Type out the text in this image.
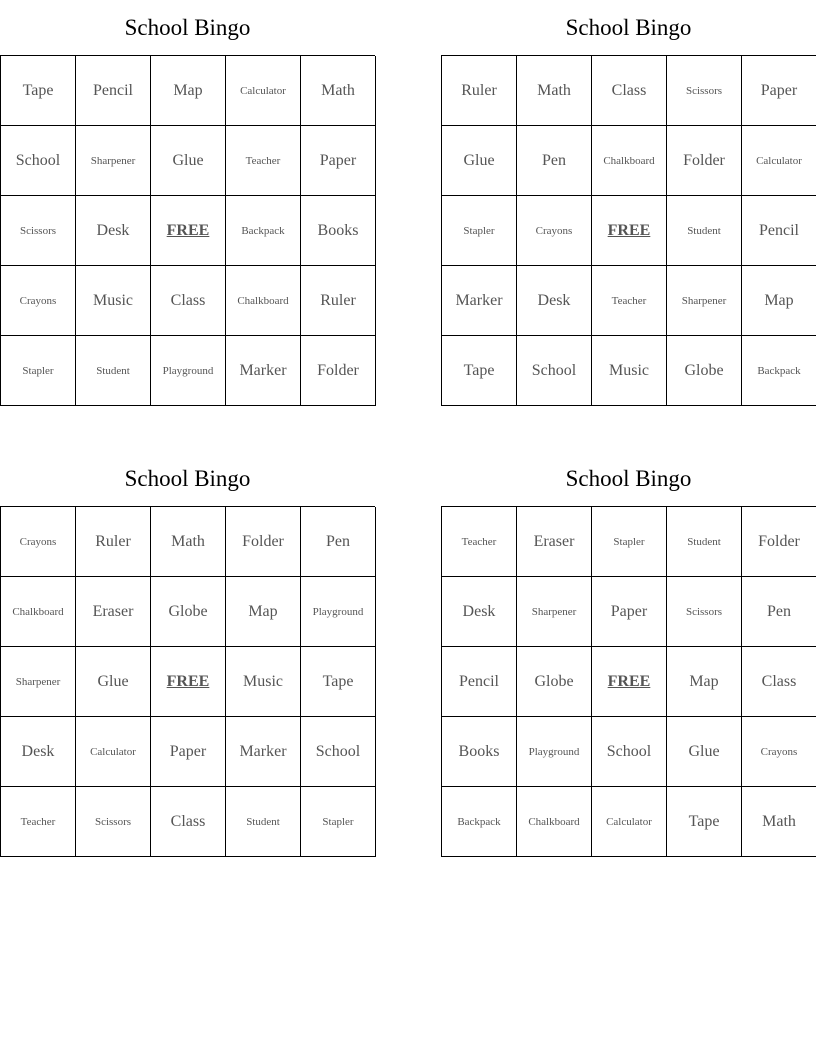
School Bingo
Tape	Pencil	Map	Calculator	Math
School	Sharpener	Glue	Teacher	Paper
Scissors	Desk	FREE	Backpack	Books
Crayons	Music	Class	Chalkboard	Ruler
Stapler	Student	Playground	Marker	Folder
School Bingo
Ruler	Math	Class	Scissors	Paper
Glue	Pen	Chalkboard	Folder	Calculator
Stapler	Crayons	FREE	Student	Pencil
Marker	Desk	Teacher	Sharpener	Map
Tape	School	Music	Globe	Backpack
School Bingo
Crayons	Ruler	Math	Folder	Pen
Chalkboard	Eraser	Globe	Map	Playground
Sharpener	Glue	FREE	Music	Tape
Desk	Calculator	Paper	Marker	School
Teacher	Scissors	Class	Student	Stapler
School Bingo
Teacher	Eraser	Stapler	Student	Folder
Desk	Sharpener	Paper	Scissors	Pen
Pencil	Globe	FREE	Map	Class
Books	Playground	School	Glue	Crayons
Backpack	Chalkboard	Calculator	Tape	Math
